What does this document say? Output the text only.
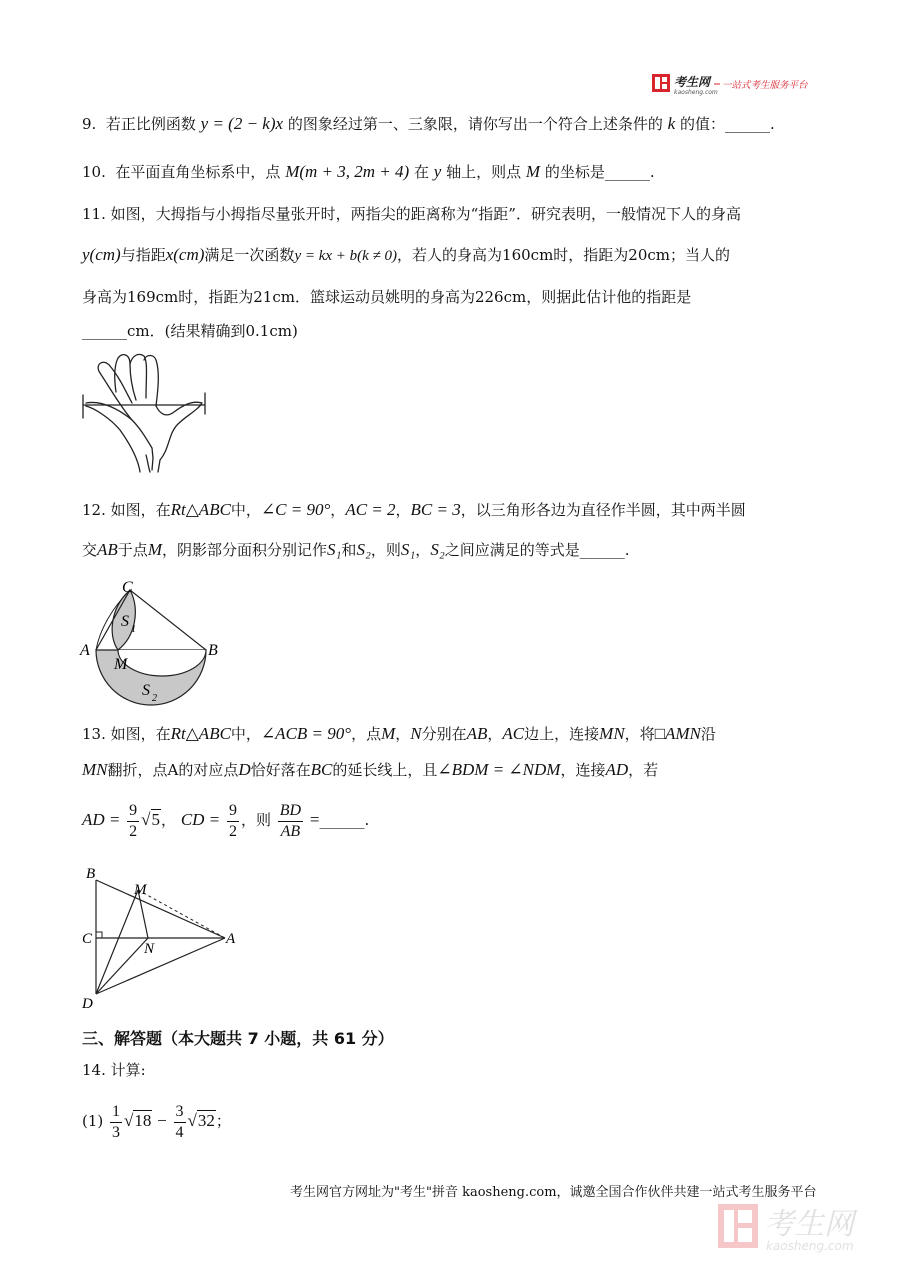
考生网
kaosheng.com
一站式考生服务平台
9. 若正比例函数 y = (2 − k)x 的图象经过第一、三象限，请你写出一个符合上述条件的 k 的值：______.
10. 在平面直角坐标系中，点 M(m + 3, 2m + 4) 在 y 轴上，则点 M 的坐标是______.
11. 如图，大拇指与小拇指尽量张开时，两指尖的距离称为“指距”．研究表明，一般情况下人的身高
y(cm)与指距x(cm)满足一次函数y = kx + b(k ≠ 0)，若人的身高为160cm时，指距为20cm；当人的
身高为169cm时，指距为21cm．篮球运动员姚明的身高为226cm，则据此估计他的指距是
______cm．(结果精确到0.1cm)
12. 如图，在Rt△ABC中，∠C = 90°，AC = 2，BC = 3，以三角形各边为直径作半圆，其中两半圆
交AB于点M，阴影部分面积分别记作S₁和S₂，则S₁，S₂之间应满足的等式是______.
C
A	B
M
S 1
S 2
13. 如图，在Rt△ABC中，∠ACB = 90°，点M，N分别在AB，AC边上，连接MN，将□AMN沿
MN翻折，点A的对应点D恰好落在BC的延长线上，且∠BDM = ∠NDM，连接AD，若
AD = $\frac{9}{2} √5$， CD = $\frac{9}{2}$ ，则 $\frac{BD}{AB}$ =______.
B
M
C
N
A
D
三、解答题（本大题共 7 小题，共 61 分）
14. 计算:
$(1) \frac{1}{3} √18 - \frac{3}{4} √32$；
考生网官方网址为"考生"拼音 kaosheng.com，诚邀全国合作伙伴共建一站式考生服务平台
考生网
kaosheng.com
